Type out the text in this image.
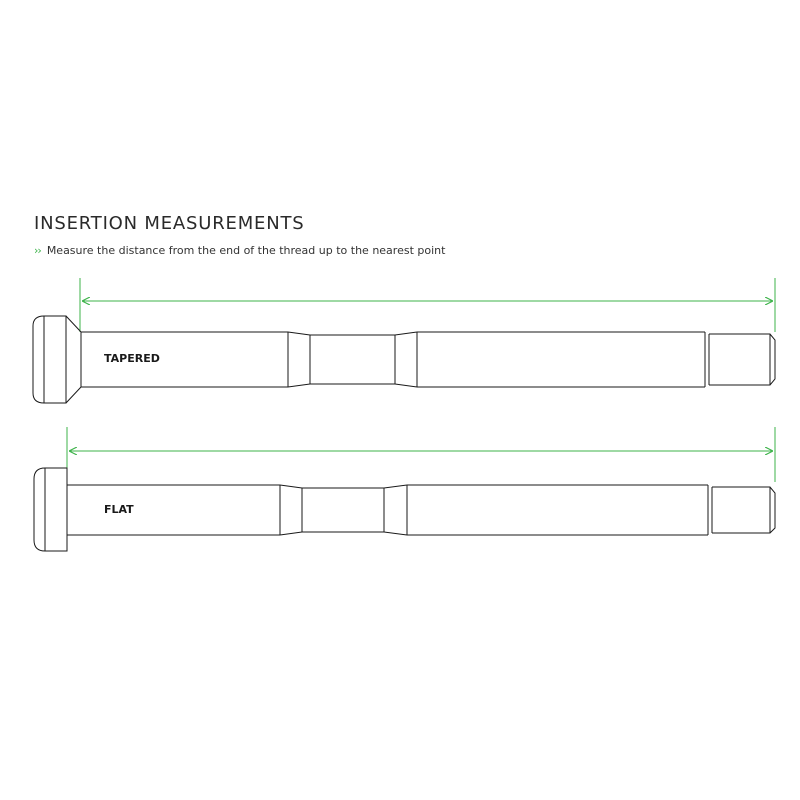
INSERTION MEASUREMENTS
›› Measure the distance from the end of the thread up to the nearest point
TAPERED
FLAT
